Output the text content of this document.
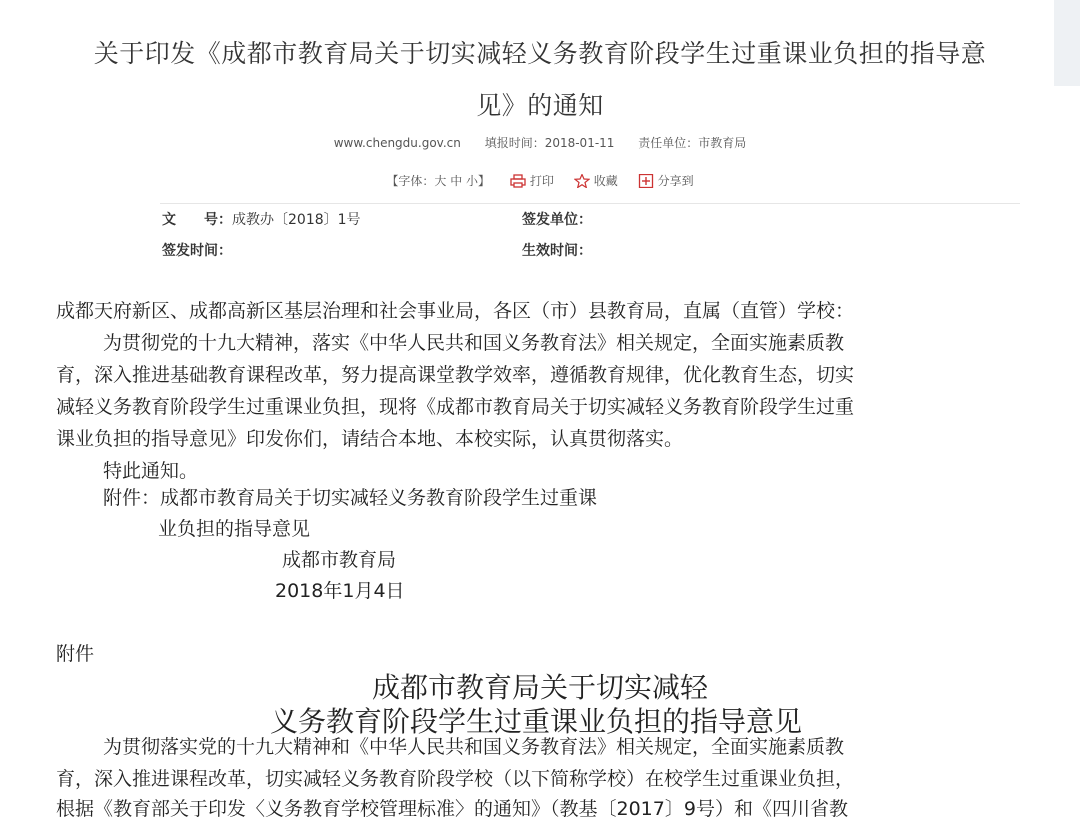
关于印发《成都市教育局关于切实减轻义务教育阶段学生过重课业负担的指导意
见》的通知
www.chengdu.gov.cn 填报时间：2018-01-11 责任单位：市教育局
【字体：大 中 小】	打印	收藏	分享到
文　　号：成教办〔2018〕1号	签发单位：
签发时间：	生效时间：
成都天府新区、成都高新区基层治理和社会事业局，各区（市）县教育局，直属（直管）学校：
为贯彻党的十九大精神，落实《中华人民共和国义务教育法》相关规定，全面实施素质教
育，深入推进基础教育课程改革，努力提高课堂教学效率，遵循教育规律，优化教育生态，切实
减轻义务教育阶段学生过重课业负担，现将《成都市教育局关于切实减轻义务教育阶段学生过重
课业负担的指导意见》印发你们，请结合本地、本校实际，认真贯彻落实。
特此通知。
附件：成都市教育局关于切实减轻义务教育阶段学生过重课
业负担的指导意见
成都市教育局
2018年1月4日
附件
成都市教育局关于切实减轻
义务教育阶段学生过重课业负担的指导意见
为贯彻落实党的十九大精神和《中华人民共和国义务教育法》相关规定，全面实施素质教
育，深入推进课程改革，切实减轻义务教育阶段学校（以下简称学校）在校学生过重课业负担，
根据《教育部关于印发〈义务教育学校管理标准〉的通知》（教基〔2017〕9号）和《四川省教
